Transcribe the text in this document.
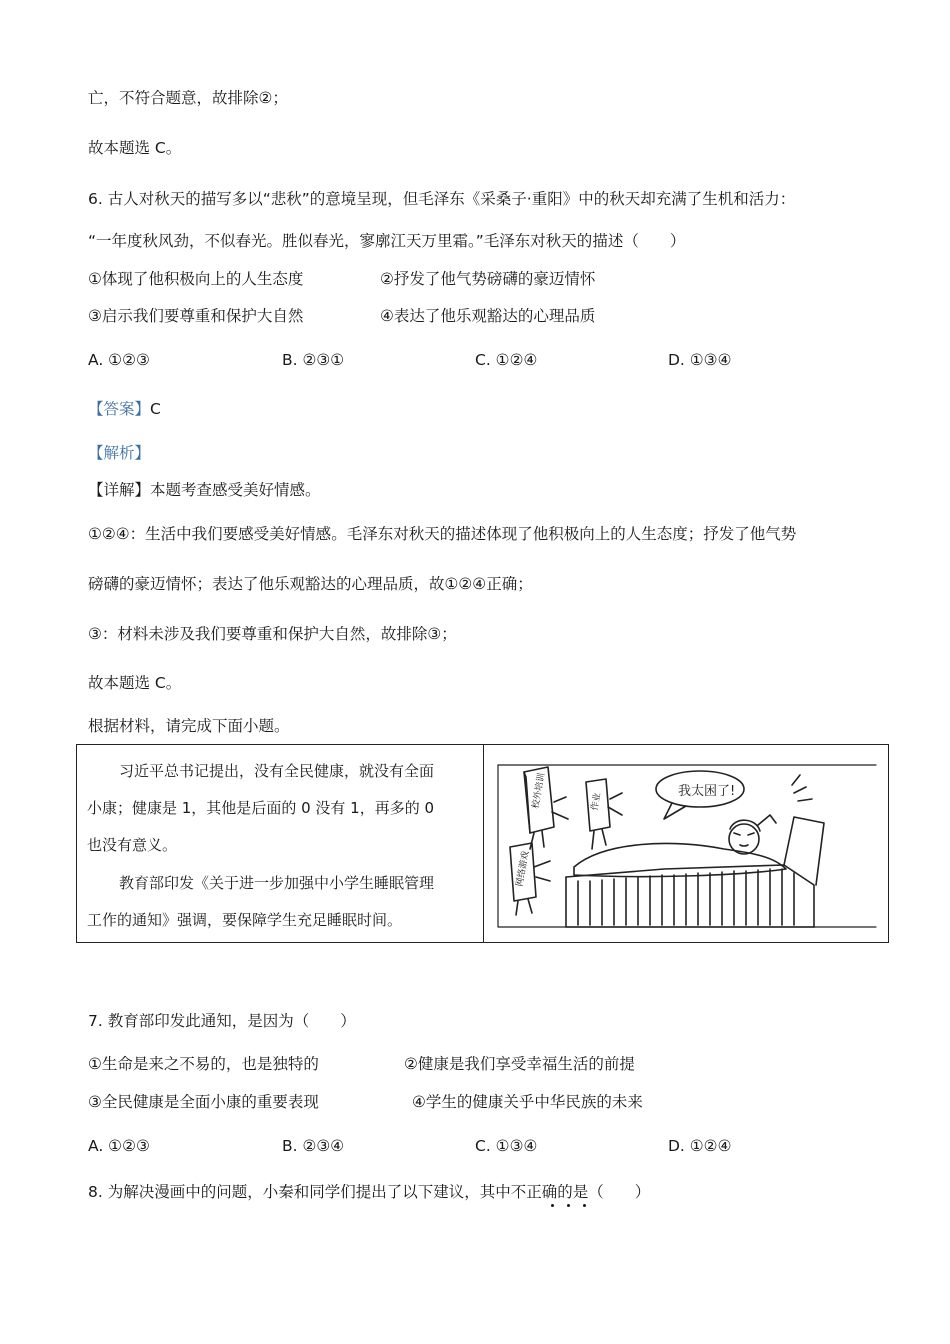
亡，不符合题意，故排除②；
故本题选 C。
6. 古人对秋天的描写多以“悲秋”的意境呈现，但毛泽东《采桑子·重阳》中的秋天却充满了生机和活力：
“一年度秋风劲，不似春光。胜似春光，寥廓江天万里霜。”毛泽东对秋天的描述（　　）
①体现了他积极向上的人生态度	②抒发了他气势磅礴的豪迈情怀
③启示我们要尊重和保护大自然	④表达了他乐观豁达的心理品质
A. ①②③	B. ②③①	C. ①②④	D. ①③④
【答案】C
【解析】
【详解】本题考查感受美好情感。
①②④：生活中我们要感受美好情感。毛泽东对秋天的描述体现了他积极向上的人生态度；抒发了他气势
磅礴的豪迈情怀；表达了他乐观豁达的心理品质，故①②④正确；
③：材料未涉及我们要尊重和保护大自然，故排除③；
故本题选 C。
根据材料，请完成下面小题。
习近平总书记提出，没有全民健康，就没有全面
小康；健康是 1，其他是后面的 0 没有 1，再多的 0
也没有意义。
教育部印发《关于进一步加强中小学生睡眠管理
工作的通知》强调，要保障学生充足睡眠时间。
我太困了!
校外培训	作业
网络游戏
7. 教育部印发此通知，是因为（　　）
①生命是来之不易的，也是独特的	②健康是我们享受幸福生活的前提
③全民健康是全面小康的重要表现	④学生的健康关乎中华民族的未来
A. ①②③	B. ②③④	C. ①③④	D. ①②④
8. 为解决漫画中的问题，小秦和同学们提出了以下建议，其中不正确的是（　　）
